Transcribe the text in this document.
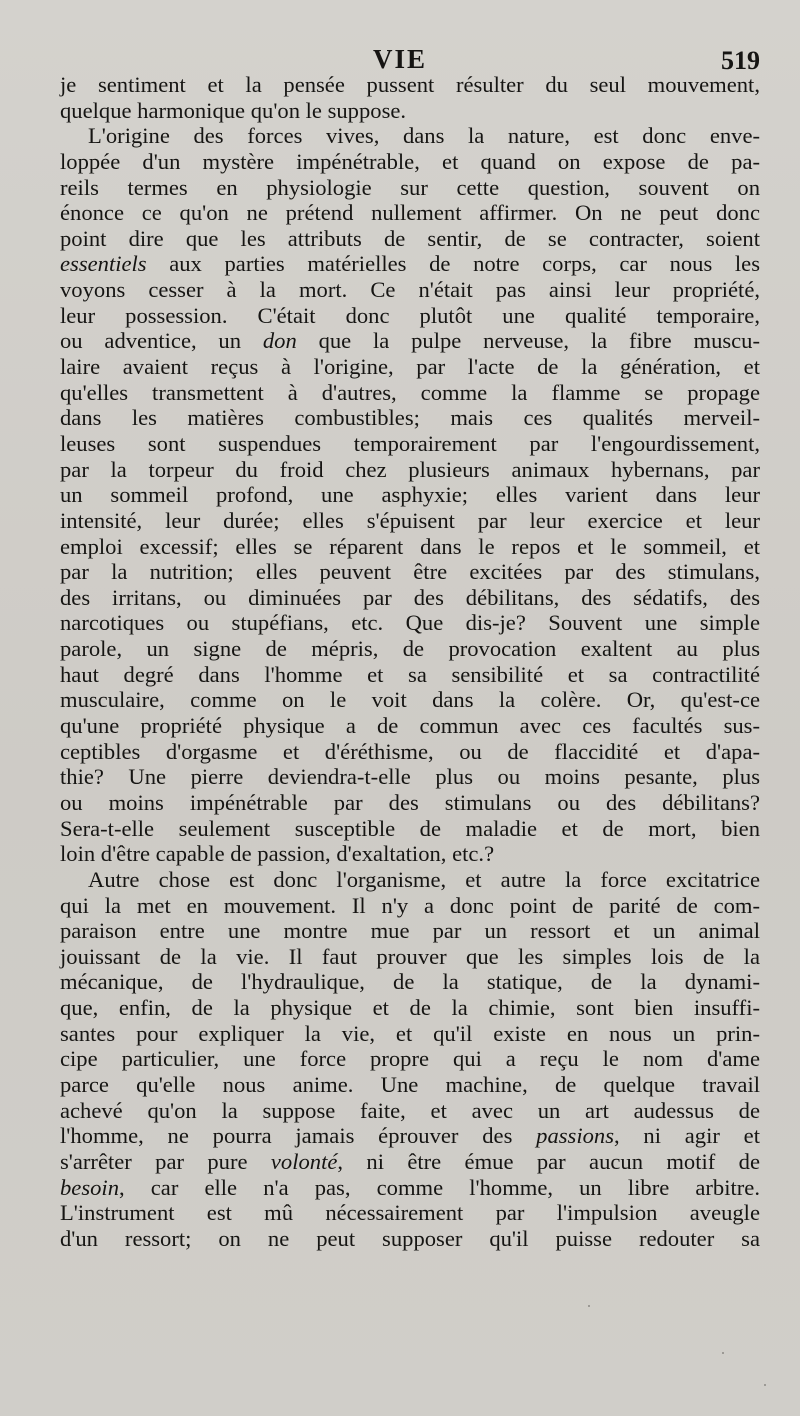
VIE	519
je sentiment et la pensée pussent résulter du seul mouvement,
quelque harmonique qu'on le suppose.
L'origine des forces vives, dans la nature, est donc enve-
loppée d'un mystère impénétrable, et quand on expose de pa-
reils termes en physiologie sur cette question, souvent on
énonce ce qu'on ne prétend nullement affirmer. On ne peut donc
point dire que les attributs de sentir, de se contracter, soient
essentiels aux parties matérielles de notre corps, car nous les
voyons cesser à la mort. Ce n'était pas ainsi leur propriété,
leur possession. C'était donc plutôt une qualité temporaire,
ou adventice, un don que la pulpe nerveuse, la fibre muscu-
laire avaient reçus à l'origine, par l'acte de la génération, et
qu'elles transmettent à d'autres, comme la flamme se propage
dans les matières combustibles; mais ces qualités merveil-
leuses sont suspendues temporairement par l'engourdissement,
par la torpeur du froid chez plusieurs animaux hybernans, par
un sommeil profond, une asphyxie; elles varient dans leur
intensité, leur durée; elles s'épuisent par leur exercice et leur
emploi excessif; elles se réparent dans le repos et le sommeil, et
par la nutrition; elles peuvent être excitées par des stimulans,
des irritans, ou diminuées par des débilitans, des sédatifs, des
narcotiques ou stupéfians, etc. Que dis-je? Souvent une simple
parole, un signe de mépris, de provocation exaltent au plus
haut degré dans l'homme et sa sensibilité et sa contractilité
musculaire, comme on le voit dans la colère. Or, qu'est-ce
qu'une propriété physique a de commun avec ces facultés sus-
ceptibles d'orgasme et d'éréthisme, ou de flaccidité et d'apa-
thie? Une pierre deviendra-t-elle plus ou moins pesante, plus
ou moins impénétrable par des stimulans ou des débilitans?
Sera-t-elle seulement susceptible de maladie et de mort, bien
loin d'être capable de passion, d'exaltation, etc.?
Autre chose est donc l'organisme, et autre la force excitatrice
qui la met en mouvement. Il n'y a donc point de parité de com-
paraison entre une montre mue par un ressort et un animal
jouissant de la vie. Il faut prouver que les simples lois de la
mécanique, de l'hydraulique, de la statique, de la dynami-
que, enfin, de la physique et de la chimie, sont bien insuffi-
santes pour expliquer la vie, et qu'il existe en nous un prin-
cipe particulier, une force propre qui a reçu le nom d'ame
parce qu'elle nous anime. Une machine, de quelque travail
achevé qu'on la suppose faite, et avec un art audessus de
l'homme, ne pourra jamais éprouver des passions, ni agir et
s'arrêter par pure volonté, ni être émue par aucun motif de
besoin, car elle n'a pas, comme l'homme, un libre arbitre.
L'instrument est mû nécessairement par l'impulsion aveugle
d'un ressort; on ne peut supposer qu'il puisse redouter sa
